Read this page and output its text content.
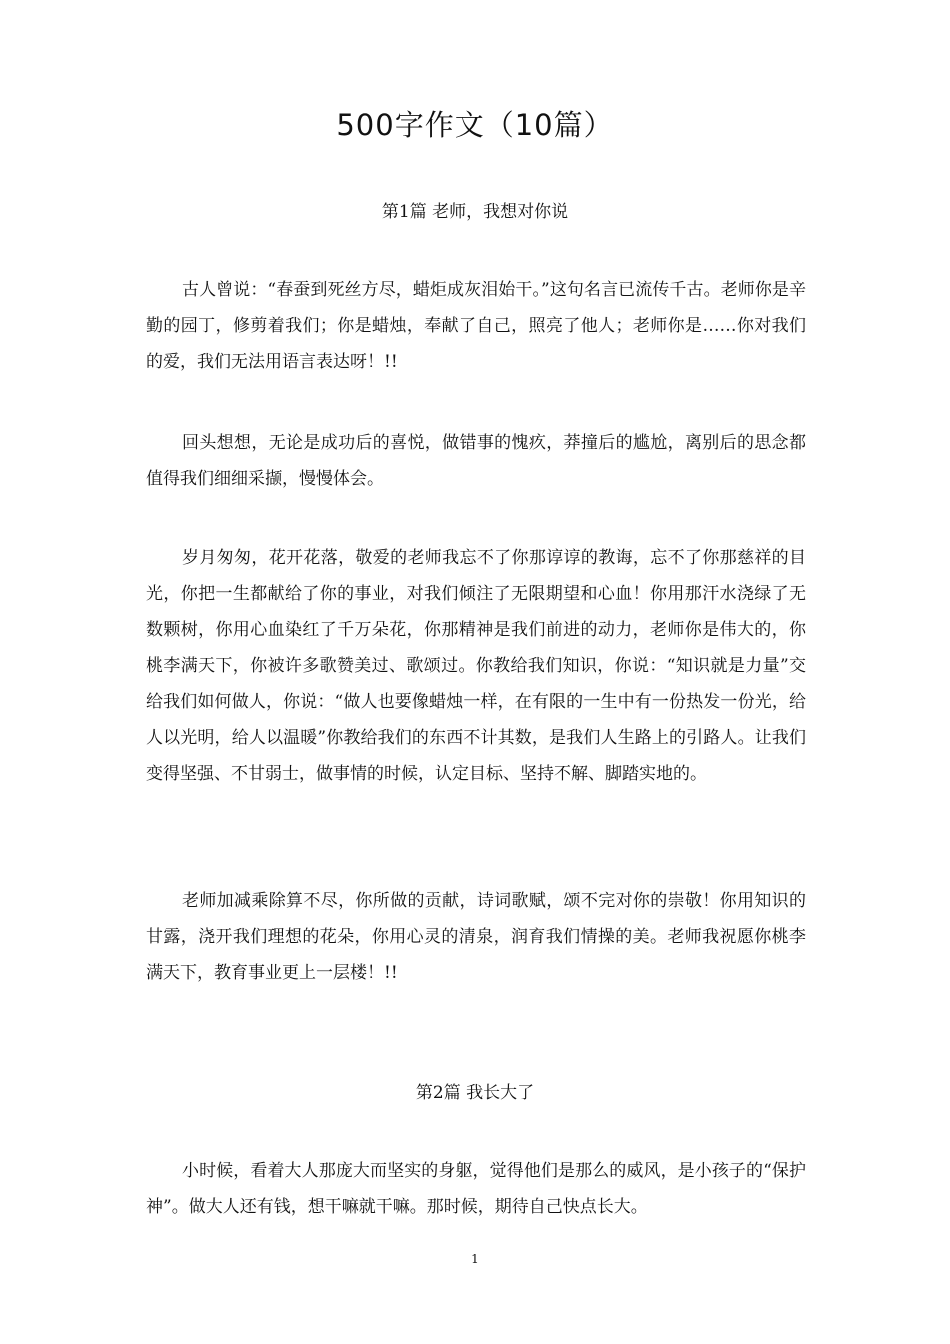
500字作文（10篇）
第1篇 老师，我想对你说

古人曾说：“春蚕到死丝方尽，蜡炬成灰泪始干。”这句名言已流传千古。老师你是辛勤的园丁，修剪着我们；你是蜡烛，奉献了自己，照亮了他人；老师你是……你对我们的爱，我们无法用语言表达呀！!!

回头想想，无论是成功后的喜悦，做错事的愧疚，莽撞后的尴尬，离别后的思念都值得我们细细采撷，慢慢体会。

岁月匆匆，花开花落，敬爱的老师我忘不了你那谆谆的教诲，忘不了你那慈祥的目光，你把一生都献给了你的事业，对我们倾注了无限期望和心血！你用那汗水浇绿了无数颗树，你用心血染红了千万朵花，你那精神是我们前进的动力，老师你是伟大的，你桃李满天下，你被许多歌赞美过、歌颂过。你教给我们知识，你说：“知识就是力量”交给我们如何做人，你说：“做人也要像蜡烛一样，在有限的一生中有一份热发一份光，给人以光明，给人以温暖”你教给我们的东西不计其数，是我们人生路上的引路人。让我们变得坚强、不甘弱士，做事情的时候，认定目标、坚持不解、脚踏实地的。

老师加减乘除算不尽，你所做的贡献，诗词歌赋，颂不完对你的崇敬！你用知识的甘露，浇开我们理想的花朵，你用心灵的清泉，润育我们情操的美。老师我祝愿你桃李满天下，教育事业更上一层楼！!!

第2篇 我长大了

小时候，看着大人那庞大而坚实的身躯，觉得他们是那么的威风，是小孩子的“保护神”。做大人还有钱，想干嘛就干嘛。那时候，期待自己快点长大。

1
